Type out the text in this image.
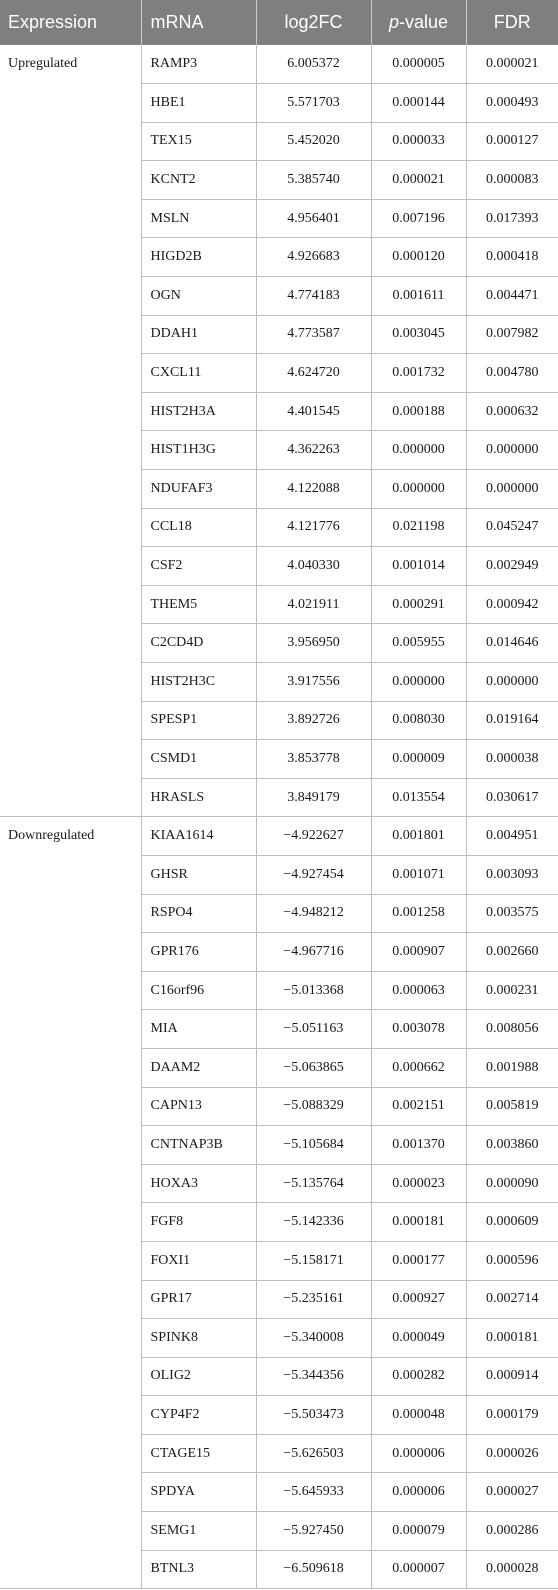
Expression	mRNA	log2FC	p-value	FDR
Upregulated	RAMP3	6.005372	0.000005	0.000021
	HBE1	5.571703	0.000144	0.000493
	TEX15	5.452020	0.000033	0.000127
	KCNT2	5.385740	0.000021	0.000083
	MSLN	4.956401	0.007196	0.017393
	HIGD2B	4.926683	0.000120	0.000418
	OGN	4.774183	0.001611	0.004471
	DDAH1	4.773587	0.003045	0.007982
	CXCL11	4.624720	0.001732	0.004780
	HIST2H3A	4.401545	0.000188	0.000632
	HIST1H3G	4.362263	0.000000	0.000000
	NDUFAF3	4.122088	0.000000	0.000000
	CCL18	4.121776	0.021198	0.045247
	CSF2	4.040330	0.001014	0.002949
	THEM5	4.021911	0.000291	0.000942
	C2CD4D	3.956950	0.005955	0.014646
	HIST2H3C	3.917556	0.000000	0.000000
	SPESP1	3.892726	0.008030	0.019164
	CSMD1	3.853778	0.000009	0.000038
	HRASLS	3.849179	0.013554	0.030617
Downregulated	KIAA1614	−4.922627	0.001801	0.004951
	GHSR	−4.927454	0.001071	0.003093
	RSPO4	−4.948212	0.001258	0.003575
	GPR176	−4.967716	0.000907	0.002660
	C16orf96	−5.013368	0.000063	0.000231
	MIA	−5.051163	0.003078	0.008056
	DAAM2	−5.063865	0.000662	0.001988
	CAPN13	−5.088329	0.002151	0.005819
	CNTNAP3B	−5.105684	0.001370	0.003860
	HOXA3	−5.135764	0.000023	0.000090
	FGF8	−5.142336	0.000181	0.000609
	FOXI1	−5.158171	0.000177	0.000596
	GPR17	−5.235161	0.000927	0.002714
	SPINK8	−5.340008	0.000049	0.000181
	OLIG2	−5.344356	0.000282	0.000914
	CYP4F2	−5.503473	0.000048	0.000179
	CTAGE15	−5.626503	0.000006	0.000026
	SPDYA	−5.645933	0.000006	0.000027
	SEMG1	−5.927450	0.000079	0.000286
	BTNL3	−6.509618	0.000007	0.000028
